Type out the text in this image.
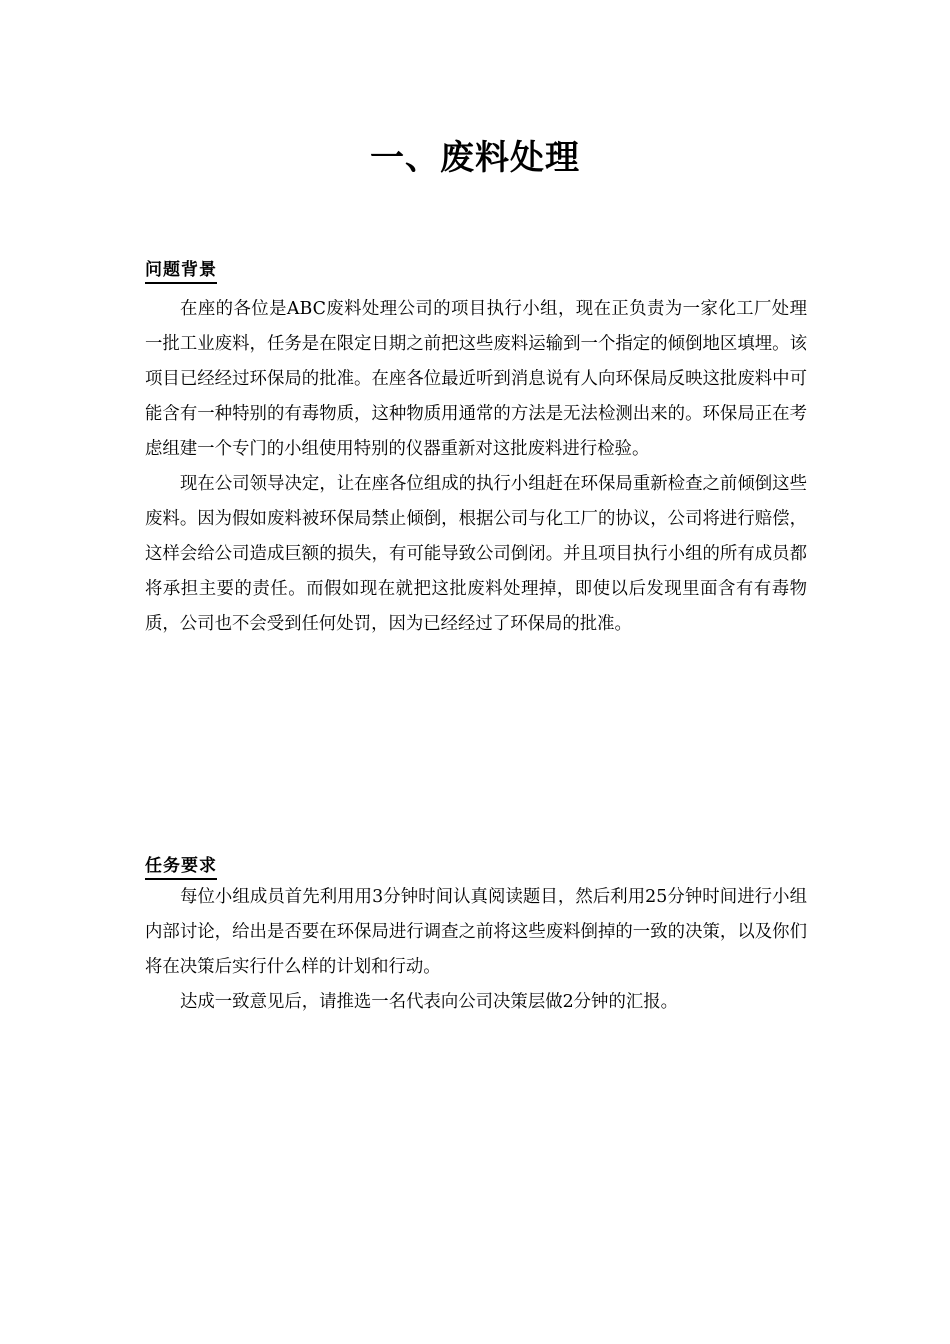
一、废料处理
问题背景

在座的各位是ABC废料处理公司的项目执行小组，现在正负责为一家化工厂处理一批工业废料，任务是在限定日期之前把这些废料运输到一个指定的倾倒地区填埋。该项目已经经过环保局的批准。在座各位最近听到消息说有人向环保局反映这批废料中可能含有一种特别的有毒物质，这种物质用通常的方法是无法检测出来的。环保局正在考虑组建一个专门的小组使用特别的仪器重新对这批废料进行检验。

现在公司领导决定，让在座各位组成的执行小组赶在环保局重新检查之前倾倒这些废料。因为假如废料被环保局禁止倾倒，根据公司与化工厂的协议，公司将进行赔偿，这样会给公司造成巨额的损失，有可能导致公司倒闭。并且项目执行小组的所有成员都将承担主要的责任。而假如现在就把这批废料处理掉，即使以后发现里面含有有毒物质，公司也不会受到任何处罚，因为已经经过了环保局的批准。

任务要求

每位小组成员首先利用用3分钟时间认真阅读题目，然后利用25分钟时间进行小组内部讨论，给出是否要在环保局进行调查之前将这些废料倒掉的一致的决策，以及你们将在决策后实行什么样的计划和行动。

达成一致意见后，请推选一名代表向公司决策层做2分钟的汇报。
